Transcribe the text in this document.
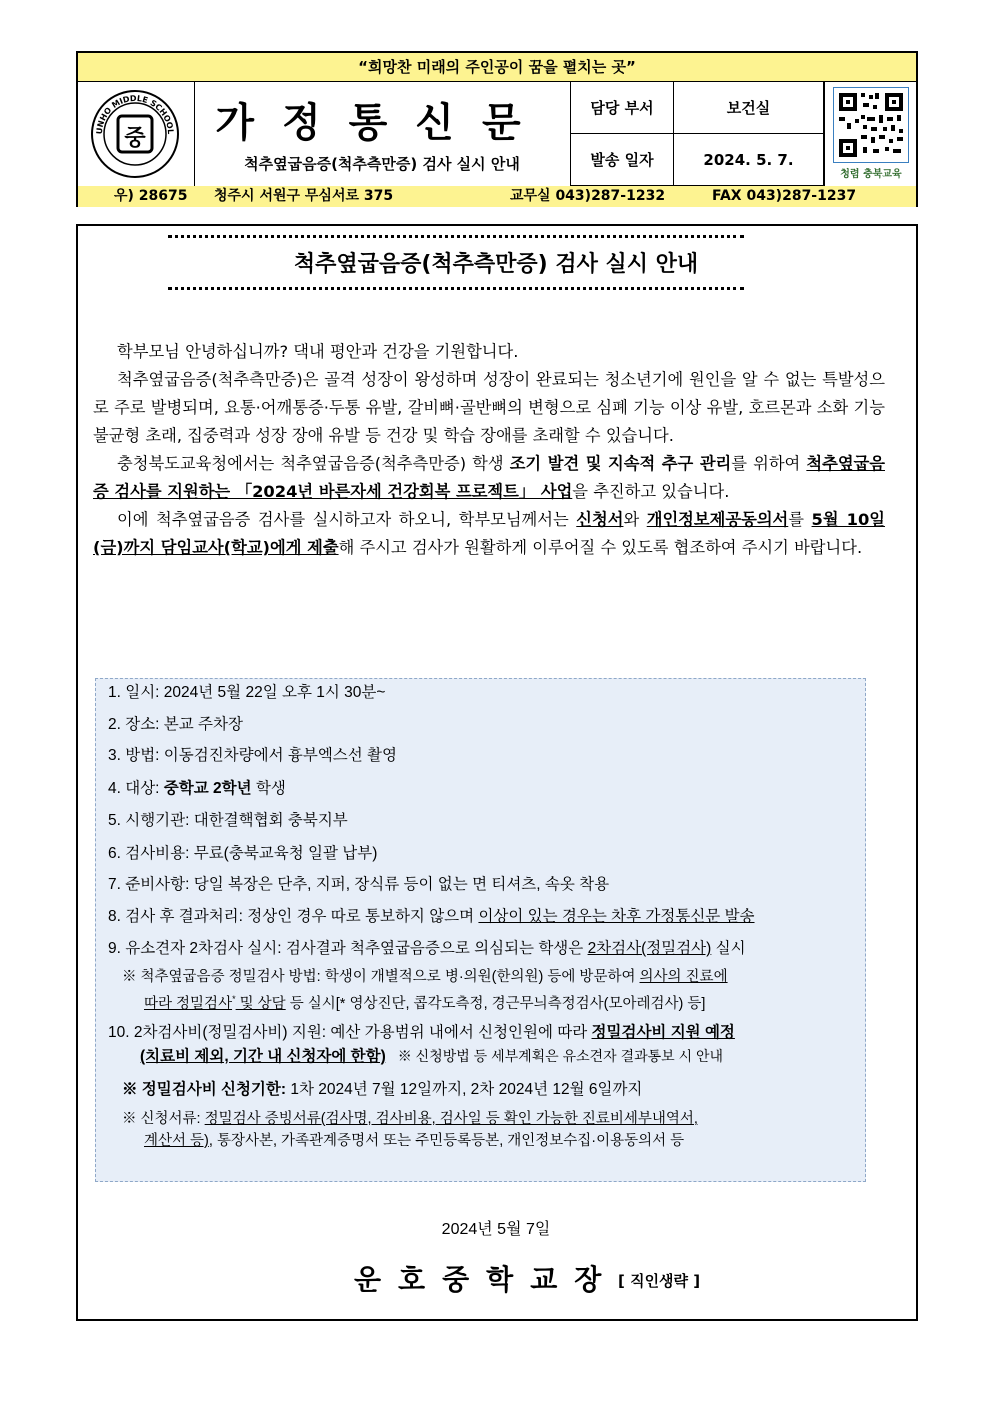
“희망찬 미래의 주인공이 꿈을 펼치는 곳”
UNHO MIDDLE SCHOOL
중	가정통신문
척추옆굽음증(척추측만증) 검사 실시 안내
담당 부서	보건실
발송 일자	2024. 5. 7.
청렴 충북교육
우) 28675 청주시 서원구 무심서로 375	교무실 043)287-1232	FAX 043)287-1237
척추옆굽음증(척추측만증) 검사 실시 안내

학부모님 안녕하십니까? 댁내 평안과 건강을 기원합니다.

척추옆굽음증(척추측만증)은 골격 성장이 왕성하며 성장이 완료되는 청소년기에 원인을 알 수 없는 특발성으로 주로 발병되며, 요통·어깨통증·두통 유발, 갈비뼈·골반뼈의 변형으로 심폐 기능 이상 유발, 호르몬과 소화 기능 불균형 초래, 집중력과 성장 장애 유발 등 건강 및 학습 장애를 초래할 수 있습니다.

충청북도교육청에서는 척추옆굽음증(척추측만증) 학생 조기 발견 및 지속적 추구 관리를 위하여 척추옆굽음증 검사를 지원하는 「2024년 바른자세 건강회복 프로젝트」 사업을 추진하고 있습니다.

이에 척추옆굽음증 검사를 실시하고자 하오니, 학부모님께서는 신청서와 개인정보제공동의서를 5월 10일(금)까지 담임교사(학교)에게 제출해 주시고 검사가 원활하게 이루어질 수 있도록 협조하여 주시기 바랍니다.

1. 일시: 2024년 5월 22일 오후 1시 30분~
2. 장소: 본교 주차장
3. 방법: 이동검진차량에서 흉부엑스선 촬영
4. 대상: 중학교 2학년 학생
5. 시행기관: 대한결핵협회 충북지부
6. 검사비용: 무료(충북교육청 일괄 납부)
7. 준비사항: 당일 복장은 단추, 지퍼, 장식류 등이 없는 면 티셔츠, 속옷 착용
8. 검사 후 결과처리: 정상인 경우 따로 통보하지 않으며 이상이 있는 경우는 차후 가정통신문 발송
9. 유소견자 2차검사 실시: 검사결과 척추옆굽음증으로 의심되는 학생은 2차검사(정밀검사) 실시
※ 척추옆굽음증 정밀검사 방법: 학생이 개별적으로 병·의원(한의원) 등에 방문하여 의사의 진료에
따라 정밀검사* 및 상담 등 실시[* 영상진단, 콥각도측정, 경근무늬측정검사(모아레검사) 등]
10. 2차검사비(정밀검사비) 지원: 예산 가용범위 내에서 신청인원에 따라 정밀검사비 지원 예정
(치료비 제외, 기간 내 신청자에 한함) ※ 신청방법 등 세부계획은 유소견자 결과통보 시 안내
※ 정밀검사비 신청기한: 1차 2024년 7월 12일까지, 2차 2024년 12월 6일까지
※ 신청서류: 정밀검사 증빙서류(검사명, 검사비용, 검사일 등 확인 가능한 진료비세부내역서,
계산서 등), 통장사본, 가족관계증명서 또는 주민등록등본, 개인정보수집·이용동의서 등
2024년 5월 7일
운호중학교장 [ 직인생략 ]
